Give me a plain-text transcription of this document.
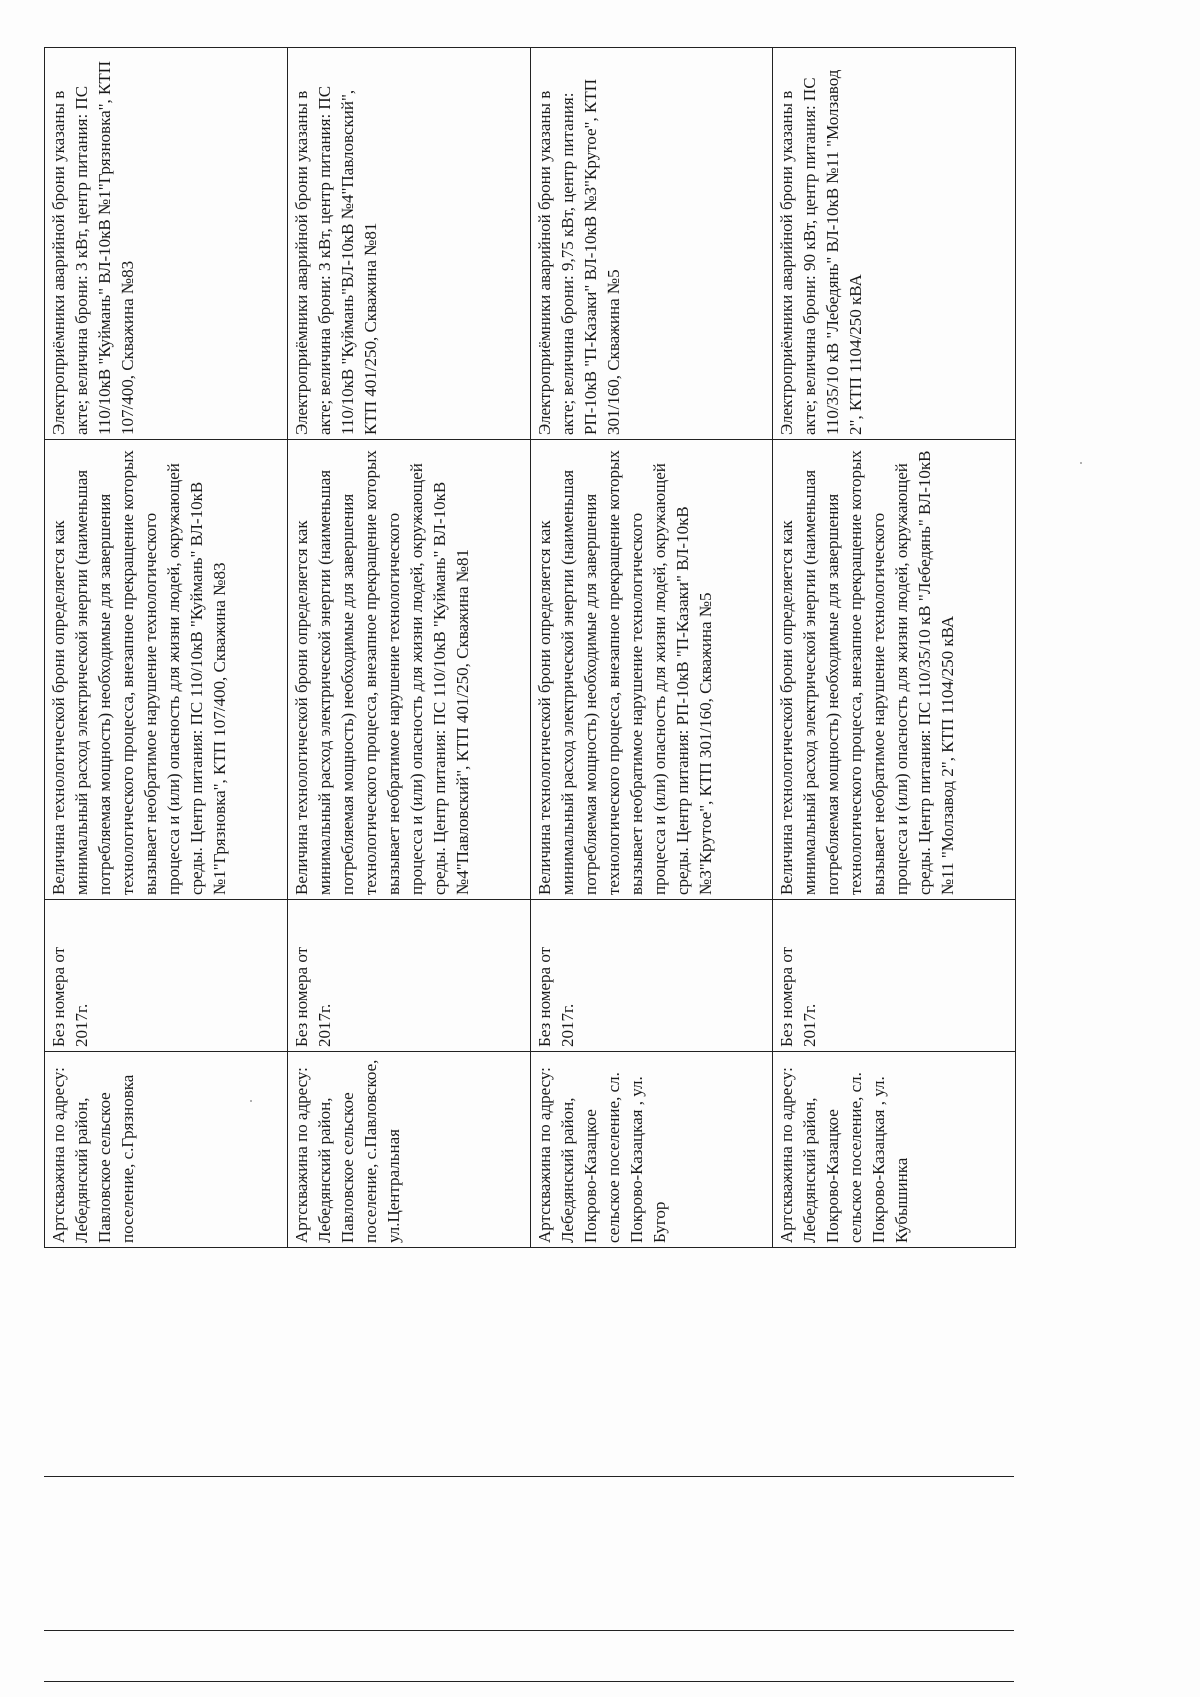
Артскважина по адресу: Лебедянский район, Павловское сельское поселение, с.Грязновка	Без номера от 2017г.	Величина технологической брони определяется как минимальный расход электрической энергии (наименьшая потребляемая мощность) необходимые для завершения технологического процесса, внезапное прекращение которых вызывает необратимое нарушение технологического процесса и (или) опасность для жизни людей, окружающей среды. Центр питания: ПС 110/10кВ "Куймань" ВЛ-10кВ №1"Грязновка", КТП 107/400, Скважина №83	Электроприёмники аварийной брони указаны в акте; величина брони: 3 кВт, центр питания: ПС 110/10кВ "Куймань" ВЛ-10кВ №1"Грязновка", КТП 107/400, Скважина №83
Артскважина по адресу: Лебедянский район, Павловское сельское поселение, с.Павловское, ул.Центральная	Без номера от 2017г.	Величина технологической брони определяется как минимальный расход электрической энергии (наименьшая потребляемая мощность) необходимые для завершения технологического процесса, внезапное прекращение которых вызывает необратимое нарушение технологического процесса и (или) опасность для жизни людей, окружающей среды. Центр питания: ПС 110/10кВ "Куймань" ВЛ-10кВ №4"Павловский", КТП 401/250, Скважина №81	Электроприёмники аварийной брони указаны в акте; величина брони: 3 кВт, центр питания: ПС 110/10кВ "Куймань"ВЛ-10кВ №4"Павловский", КТП 401/250, Скважина №81
Артскважина по адресу: Лебедянский район, Покрово-Казацкое сельское поселение, сл. Покрово-Казацкая , ул. Бугор	Без номера от 2017г.	Величина технологической брони определяется как минимальный расход электрической энергии (наименьшая потребляемая мощность) необходимые для завершения технологического процесса, внезапное прекращение которых вызывает необратимое нарушение технологического процесса и (или) опасность для жизни людей, окружающей среды. Центр питания: РП-10кВ "П-Казаки" ВЛ-10кВ №3"Крутое", КТП 301/160, Скважина №5	Электроприёмники аварийной брони указаны в акте; величина брони: 9,75 кВт, центр питания: РП-10кВ "П-Казаки" ВЛ-10кВ №3"Крутое", КТП 301/160, Скважина №5
Артскважина по адресу: Лебедянский район, Покрово-Казацкое сельское поселение, сл. Покрово-Казацкая , ул. Кубышинка	Без номера от 2017г.	Величина технологической брони определяется как минимальный расход электрической энергии (наименьшая потребляемая мощность) необходимые для завершения технологического процесса, внезапное прекращение которых вызывает необратимое нарушение технологического процесса и (или) опасность для жизни людей, окружающей среды. Центр питания: ПС 110/35/10 кВ "Лебедянь" ВЛ-10кВ №11 "Молзавод 2", КТП 1104/250 кВА	Электроприёмники аварийной брони указаны в акте; величина брони: 90 кВт, центр питания: ПС 110/35/10 кВ "Лебедянь" ВЛ-10кВ №11 "Молзавод 2", КТП 1104/250 кВА
